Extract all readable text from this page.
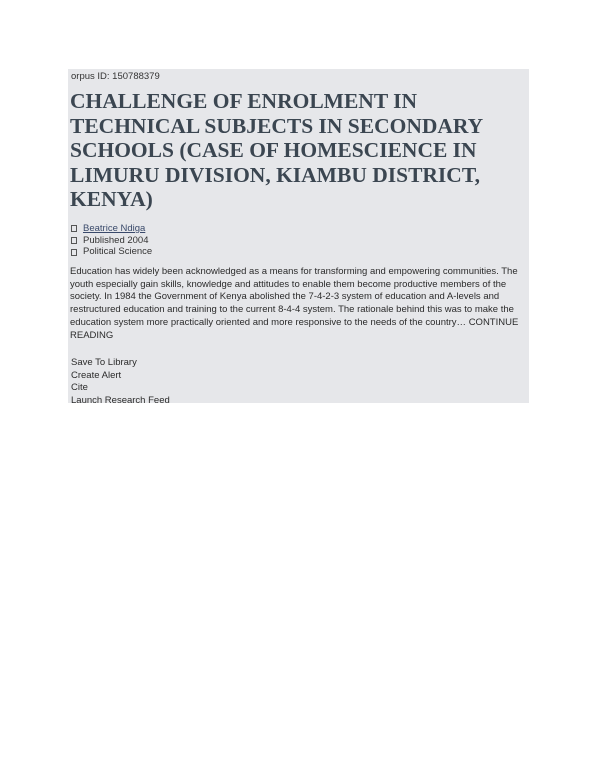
orpus ID: 150788379
CHALLENGE OF ENROLMENT IN TECHNICAL SUBJECTS IN SECONDARY SCHOOLS (CASE OF HOMESCIENCE IN LIMURU DIVISION, KIAMBU DISTRICT, KENYA)
Beatrice Ndiga
Published 2004
Political Science

Education has widely been acknowledged as a means for transforming and empowering communities. The youth especially gain skills, knowledge and attitudes to enable them become productive members of the society. In 1984 the Government of Kenya abolished the 7-4-2-3 system of education and A-levels and restructured education and training to the current 8-4-4 system. The rationale behind this was to make the education system more practically oriented and more responsive to the needs of the country… CONTINUE READING

Save To Library
Create Alert
Cite
Launch Research Feed
